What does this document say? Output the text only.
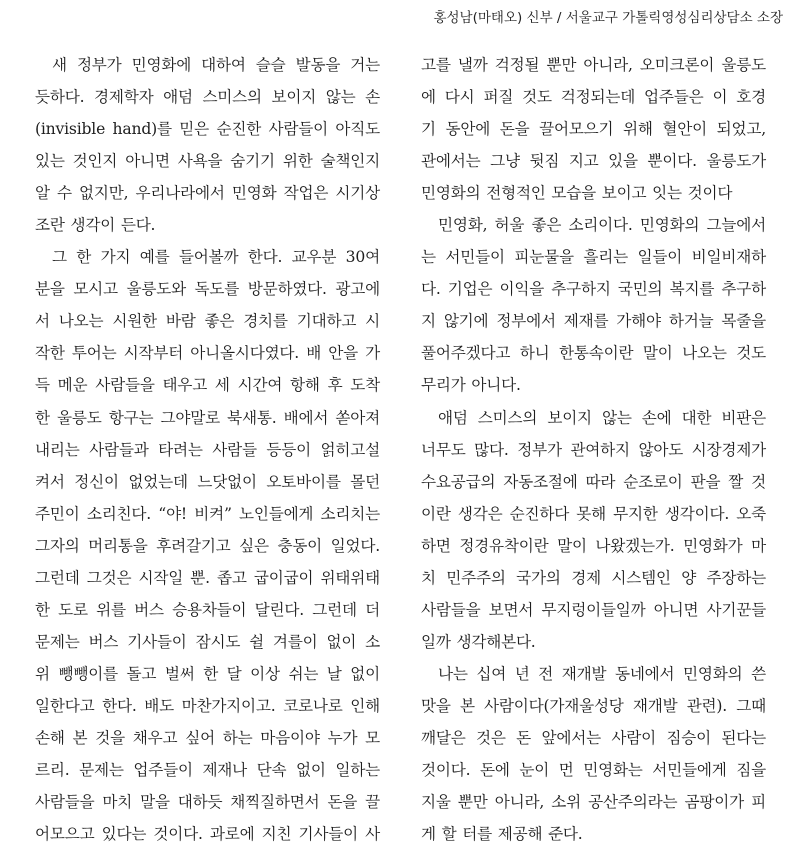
홍성남(마태오) 신부 / 서울교구 가톨릭영성심리상담소 소장
새 정부가 민영화에 대하여 슬슬 발동을 거는
듯하다. 경제학자 애덤 스미스의 보이지 않는 손
(invisible hand)를 믿은 순진한 사람들이 아직도
있는 것인지 아니면 사욕을 숨기기 위한 술책인지
알 수 없지만, 우리나라에서 민영화 작업은 시기상
조란 생각이 든다.
그 한 가지 예를 들어볼까 한다. 교우분 30여
분을 모시고 울릉도와 독도를 방문하였다. 광고에
서 나오는 시원한 바람 좋은 경치를 기대하고 시
작한 투어는 시작부터 아니올시다였다. 배 안을 가
득 메운 사람들을 태우고 세 시간여 항해 후 도착
한 울릉도 항구는 그야말로 북새통. 배에서 쏟아져
내리는 사람들과 타려는 사람들 등등이 얽히고설
켜서 정신이 없었는데 느닷없이 오토바이를 몰던
주민이 소리친다. “야! 비켜” 노인들에게 소리치는
그자의 머리통을 후려갈기고 싶은 충동이 일었다.
그런데 그것은 시작일 뿐. 좁고 굽이굽이 위태위태
한 도로 위를 버스 승용차들이 달린다. 그런데 더
문제는 버스 기사들이 잠시도 쉴 겨를이 없이 소
위 뺑뺑이를 돌고 벌써 한 달 이상 쉬는 날 없이
일한다고 한다. 배도 마찬가지이고. 코로나로 인해
손해 본 것을 채우고 싶어 하는 마음이야 누가 모
르리. 문제는 업주들이 제재나 단속 없이 일하는
사람들을 마치 말을 대하듯 채찍질하면서 돈을 끌
어모으고 있다는 것이다. 과로에 지친 기사들이 사
고를 낼까 걱정될 뿐만 아니라, 오미크론이 울릉도
에 다시 퍼질 것도 걱정되는데 업주들은 이 호경
기 동안에 돈을 끌어모으기 위해 혈안이 되었고,
관에서는 그냥 뒷짐 지고 있을 뿐이다. 울릉도가
민영화의 전형적인 모습을 보이고 잇는 것이다
민영화, 허울 좋은 소리이다. 민영화의 그늘에서
는 서민들이 피눈물을 흘리는 일들이 비일비재하
다. 기업은 이익을 추구하지 국민의 복지를 추구하
지 않기에 정부에서 제재를 가해야 하거늘 목줄을
풀어주겠다고 하니 한통속이란 말이 나오는 것도
무리가 아니다.
애덤 스미스의 보이지 않는 손에 대한 비판은
너무도 많다. 정부가 관여하지 않아도 시장경제가
수요공급의 자동조절에 따라 순조로이 판을 짤 것
이란 생각은 순진하다 못해 무지한 생각이다. 오죽
하면 정경유착이란 말이 나왔겠는가. 민영화가 마
치 민주주의 국가의 경제 시스템인 양 주장하는
사람들을 보면서 무지렁이들일까 아니면 사기꾼들
일까 생각해본다.
나는 십여 년 전 재개발 동네에서 민영화의 쓴
맛을 본 사람이다(가재울성당 재개발 관련). 그때
깨달은 것은 돈 앞에서는 사람이 짐승이 된다는
것이다. 돈에 눈이 먼 민영화는 서민들에게 짐을
지울 뿐만 아니라, 소위 공산주의라는 곰팡이가 피
게 할 터를 제공해 준다.
